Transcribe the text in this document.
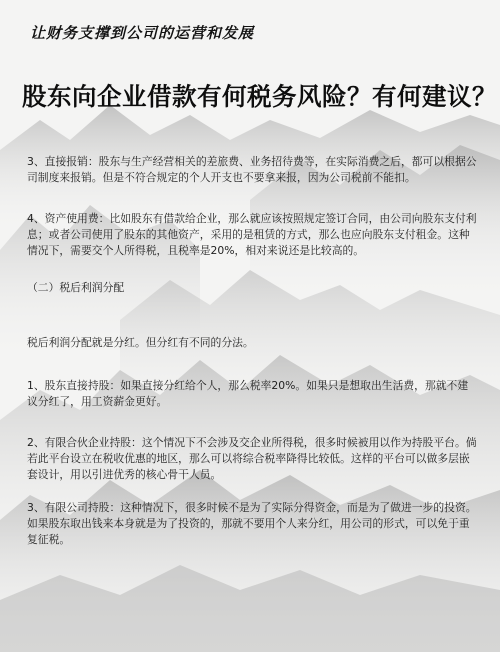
让财务支撑到公司的运营和发展
股东向企业借款有何税务风险？有何建议？
3、直接报销：股东与生产经营相关的差旅费、业务招待费等，在实际消费之后，都可以根据公司制度来报销。但是不符合规定的个人开支也不要拿来报，因为公司税前不能扣。
4、资产使用费：比如股东有借款给企业，那么就应该按照规定签订合同，由公司向股东支付利息；或者公司使用了股东的其他资产，采用的是租赁的方式，那么也应向股东支付租金。这种情况下，需要交个人所得税，且税率是20%，相对来说还是比较高的。
（二）税后利润分配
税后利润分配就是分红。但分红有不同的分法。
1、股东直接持股：如果直接分红给个人，那么税率20%。如果只是想取出生活费，那就不建议分红了，用工资薪金更好。
2、有限合伙企业持股：这个情况下不会涉及交企业所得税，很多时候被用以作为持股平台。倘若此平台设立在税收优惠的地区，那么可以将综合税率降得比较低。这样的平台可以做多层嵌套设计，用以引进优秀的核心骨干人员。
3、有限公司持股：这种情况下，很多时候不是为了实际分得资金，而是为了做进一步的投资。如果股东取出钱来本身就是为了投资的，那就不要用个人来分红，用公司的形式，可以免于重复征税。
